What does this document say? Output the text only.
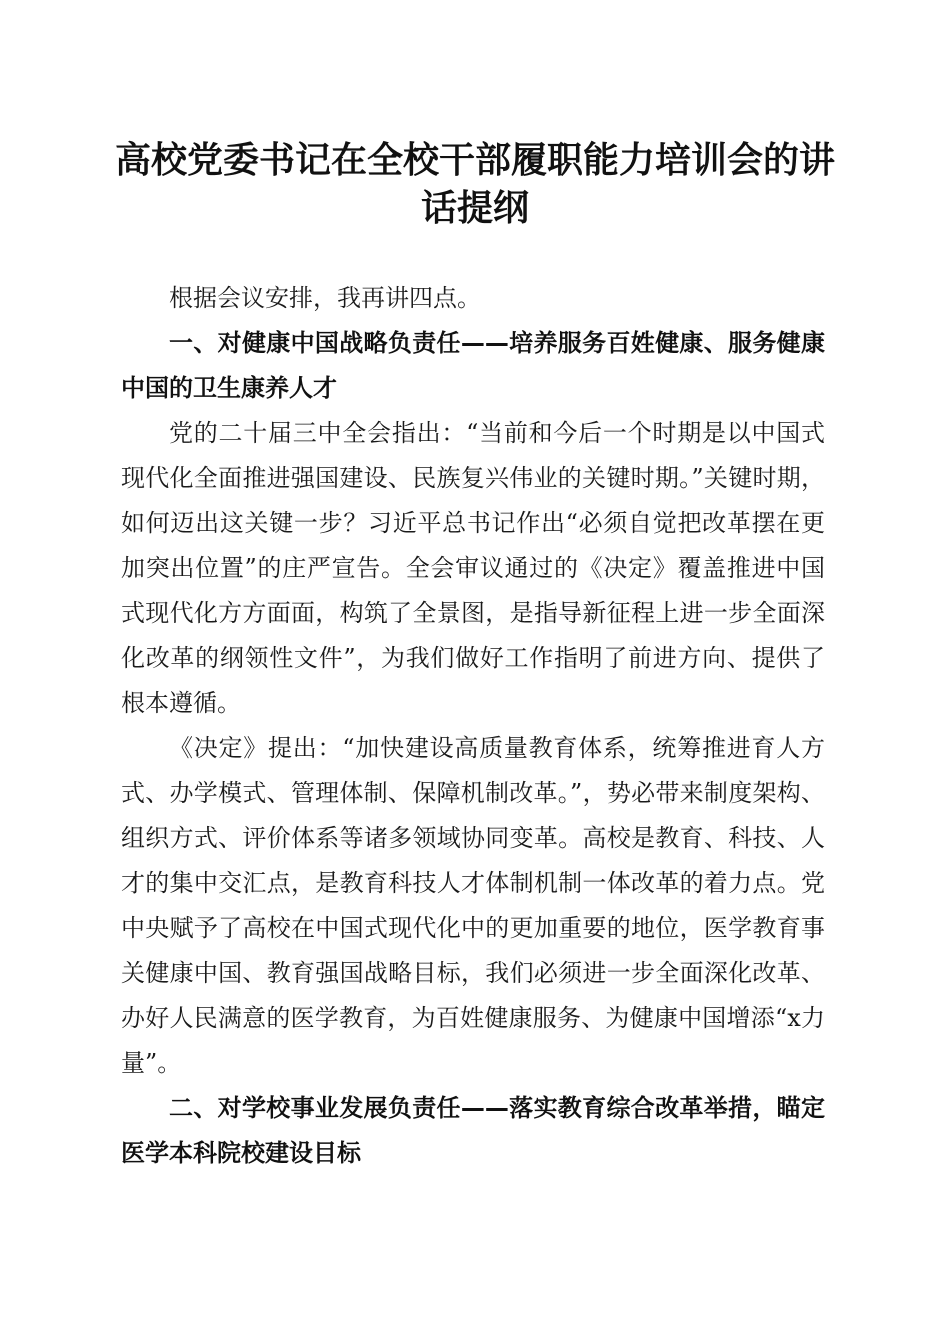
高校党委书记在全校干部履职能力培训会的讲话提纲

根据会议安排，我再讲四点。

一、对健康中国战略负责任——培养服务百姓健康、服务健康中国的卫生康养人才

党的二十届三中全会指出：“当前和今后一个时期是以中国式现代化全面推进强国建设、民族复兴伟业的关键时期。”关键时期，如何迈出这关键一步？习近平总书记作出“必须自觉把改革摆在更加突出位置”的庄严宣告。全会审议通过的《决定》覆盖推进中国式现代化方方面面，构筑了全景图，是指导新征程上进一步全面深化改革的纲领性文件”，为我们做好工作指明了前进方向、提供了根本遵循。

《决定》提出：“加快建设高质量教育体系，统筹推进育人方式、办学模式、管理体制、保障机制改革。”，势必带来制度架构、组织方式、评价体系等诸多领域协同变革。高校是教育、科技、人才的集中交汇点，是教育科技人才体制机制一体改革的着力点。党中央赋予了高校在中国式现代化中的更加重要的地位，医学教育事关健康中国、教育强国战略目标，我们必须进一步全面深化改革、办好人民满意的医学教育，为百姓健康服务、为健康中国增添“x力量”。

二、对学校事业发展负责任——落实教育综合改革举措，瞄定医学本科院校建设目标
